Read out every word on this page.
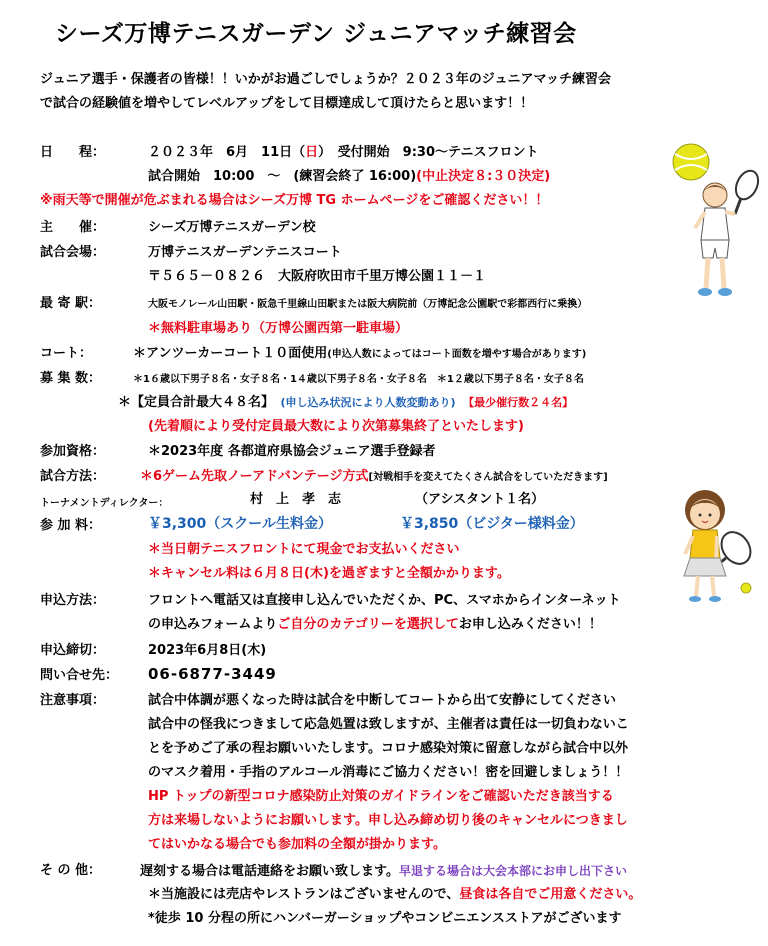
シーズ万博テニスガーデン ジュニアマッチ練習会
ジュニア選手・保護者の皆様！！いかがお過ごしでしょうか？２０２３年のジュニアマッチ練習会
で試合の経験値を増やしてレベルアップをして目標達成して頂けたらと思います！！
日　　程：	２０２３年　6月　11日（日）　受付開始　9:30～テニスフロント
試合開始　10:00　～　(練習会終了 16:00)(中止決定８:３０決定)
※雨天等で開催が危ぶまれる場合はシーズ万博 TG ホームページをご確認ください！！
主　　催：	シーズ万博テニスガーデン校
試合会場：	万博テニスガーデンテニスコート
〒５６５－０８２６　大阪府吹田市千里万博公園１１－１
最 寄 駅：	大阪モノレール山田駅・阪急千里線山田駅または阪大病院前（万博記念公園駅で彩都西行に乗換）
＊無料駐車場あり（万博公園西第一駐車場）
コート：	＊アンツーカーコート１０面使用(申込人数によってはコート面数を増やす場合があります)
募 集 数：	＊1６歳以下男子８名・女子８名・1４歳以下男子８名・女子８名　＊1２歳以下男子８名・女子８名
＊【定員合計最大４８名】　 (申し込み状況により人数変動あり)　 【最少催行数２４名】
(先着順により受付定員最大数により次第募集終了といたします)
参加資格：	＊2023年度 各都道府県協会ジュニア選手登録者
試合方法：	＊6ゲーム先取ノーアドバンテージ方式[対戦相手を変えてたくさん試合をしていただきます]
トーナメントディレクター：	村　上　孝　志	（アシスタント１名）
参 加 料：	￥3,300（スクール生料金）	￥3,850（ビジター様料金）
＊当日朝テニスフロントにて現金でお支払いください
＊キャンセル料は６月８日(木)を過ぎますと全額かかります。
申込方法：	フロントへ電話又は直接申し込んでいただくか、PC、スマホからインターネット
の申込みフォームよりご自分のカテゴリーを選択してお申し込みください！！
申込締切：	2023年6月8日(木)
問い合せ先： 06-6877-3449
注意事項：	試合中体調が悪くなった時は試合を中断してコートから出て安静にしてください
試合中の怪我につきまして応急処置は致しますが、主催者は責任は一切負わないこ
とを予めご了承の程お願いいたします。コロナ感染対策に留意しながら試合中以外
のマスク着用・手指のアルコール消毒にご協力ください！密を回避しましょう！！
HP トップの新型コロナ感染防止対策のガイドラインをご確認いただき該当する
方は来場しないようにお願いします。申し込み締め切り後のキャンセルにつきまし
てはいかなる場合でも参加料の全額が掛かります。
そ の 他：	遅刻する場合は電話連絡をお願い致します。早退する場合は大会本部にお申し出下さい
＊当施設には売店やレストランはございませんので、昼食は各自でご用意ください。
*徒歩 10 分程の所にハンバーガーショップやコンビニエンスストアがございます
